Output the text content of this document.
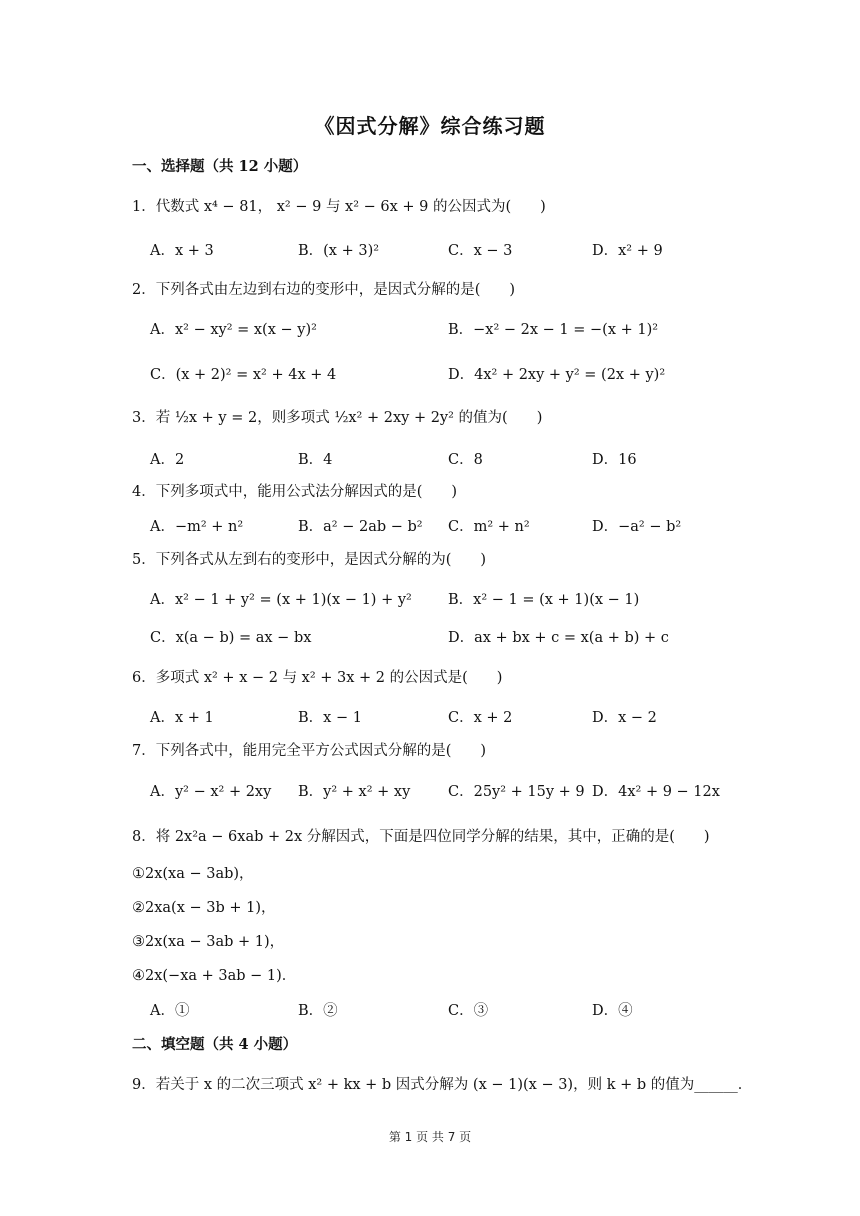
《因式分解》综合练习题
一、选择题（共 12 小题）
1．代数式 x⁴ − 81， x² − 9 与 x² − 6x + 9 的公因式为(　　)
A．x + 3	B．(x + 3)²	C．x − 3	D．x² + 9
2．下列各式由左边到右边的变形中，是因式分解的是(　　)
A．x² − xy² = x(x − y)²	B．−x² − 2x − 1 = −(x + 1)²
C．(x + 2)² = x² + 4x + 4	D．4x² + 2xy + y² = (2x + y)²
3．若 ½x + y = 2，则多项式 ½x² + 2xy + 2y² 的值为(　　)
A．2	B．4	C．8	D．16
4．下列多项式中，能用公式法分解因式的是(　　)
A．−m² + n²	B．a² − 2ab − b² C．m² + n²	D．−a² − b²
5．下列各式从左到右的变形中，是因式分解的为(　　)
A．x² − 1 + y² = (x + 1)(x − 1) + y² B．x² − 1 = (x + 1)(x − 1)
C．x(a − b) = ax − bx	D．ax + bx + c = x(a + b) + c
6．多项式 x² + x − 2 与 x² + 3x + 2 的公因式是(　　)
A．x + 1	B．x − 1	C．x + 2	D．x − 2
7．下列各式中，能用完全平方公式因式分解的是(　　)
A．y² − x² + 2xy B．y² + x² + xy	C．25y² + 15y + 9 D．4x² + 9 − 12x
8．将 2x²a − 6xab + 2x 分解因式，下面是四位同学分解的结果，其中，正确的是(　　)
①2x(xa − 3ab)，
②2xa(x − 3b + 1)，
③2x(xa − 3ab + 1)，
④2x(−xa + 3ab − 1)．
A．①	B．②	C．③	D．④
二、填空题（共 4 小题）
9．若关于 x 的二次三项式 x² + kx + b 因式分解为 (x − 1)(x − 3)，则 k + b 的值为______．
第 1 页 共 7 页
